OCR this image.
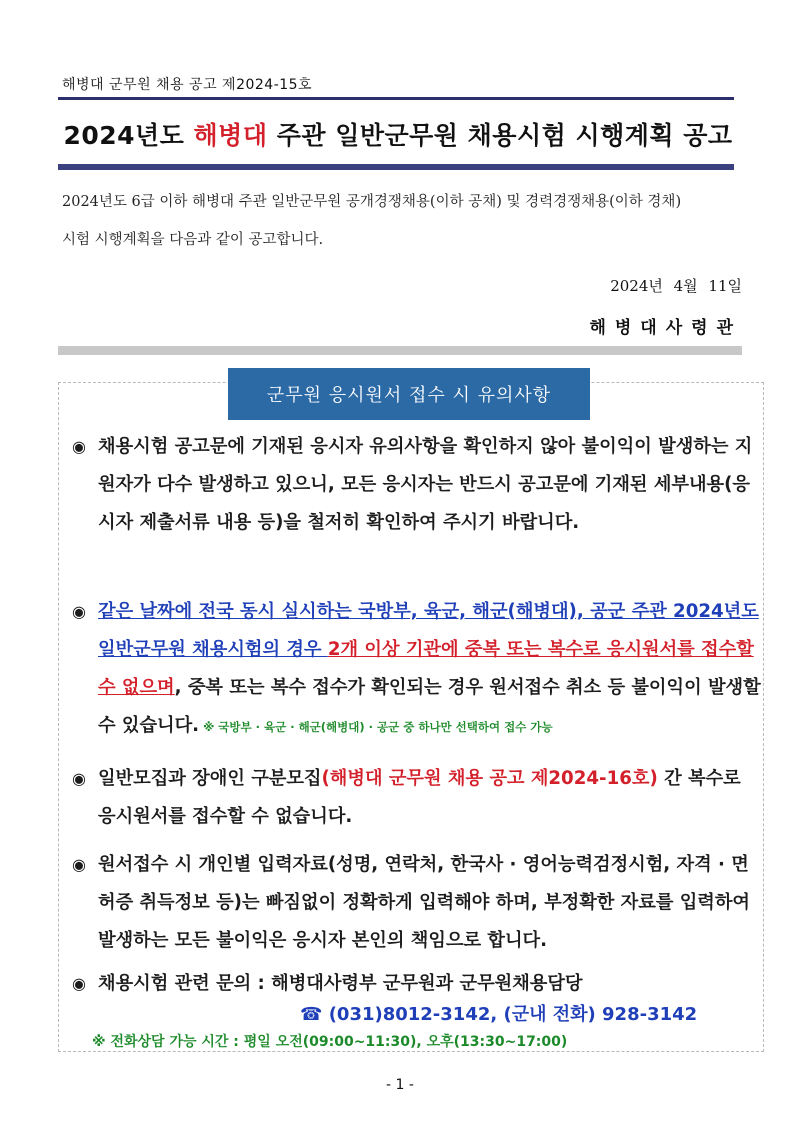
해병대 군무원 채용 공고 제2024-15호
2024년도 해병대 주관 일반군무원 채용시험 시행계획 공고
2024년도 6급 이하 해병대 주관 일반군무원 공개경쟁채용(이하 공채) 및 경력경쟁채용(이하 경채)
시험 시행계획을 다음과 같이 공고합니다.
2024년 4월 11일
해병대사령관
군무원 응시원서 접수 시 유의사항
◉ 채용시험 공고문에 기재된 응시자 유의사항을 확인하지 않아 불이익이 발생하는 지원자가 다수 발생하고 있으니, 모든 응시자는 반드시 공고문에 기재된 세부내용(응시자 제출서류 내용 등)을 철저히 확인하여 주시기 바랍니다.
◉ 같은 날짜에 전국 동시 실시하는 국방부, 육군, 해군(해병대), 공군 주관 2024년도 일반군무원 채용시험의 경우 2개 이상 기관에 중복 또는 복수로 응시원서를 접수할 수 없으며, 중복 또는 복수 접수가 확인되는 경우 원서접수 취소 등 불이익이 발생할 수 있습니다. ※ 국방부 · 육군 · 해군(해병대) · 공군 중 하나만 선택하여 접수 가능
◉ 일반모집과 장애인 구분모집(해병대 군무원 채용 공고 제2024-16호) 간 복수로 응시원서를 접수할 수 없습니다.
◉ 원서접수 시 개인별 입력자료(성명, 연락처, 한국사 · 영어능력검정시험, 자격 · 면허증 취득정보 등)는 빠짐없이 정확하게 입력해야 하며, 부정확한 자료를 입력하여 발생하는 모든 불이익은 응시자 본인의 책임으로 합니다.
◉ 채용시험 관련 문의 : 해병대사령부 군무원과 군무원채용담당
☎ (031)8012-3142, (군내 전화) 928-3142
※ 전화상담 가능 시간 : 평일 오전(09:00~11:30), 오후(13:30~17:00)
- 1 -
